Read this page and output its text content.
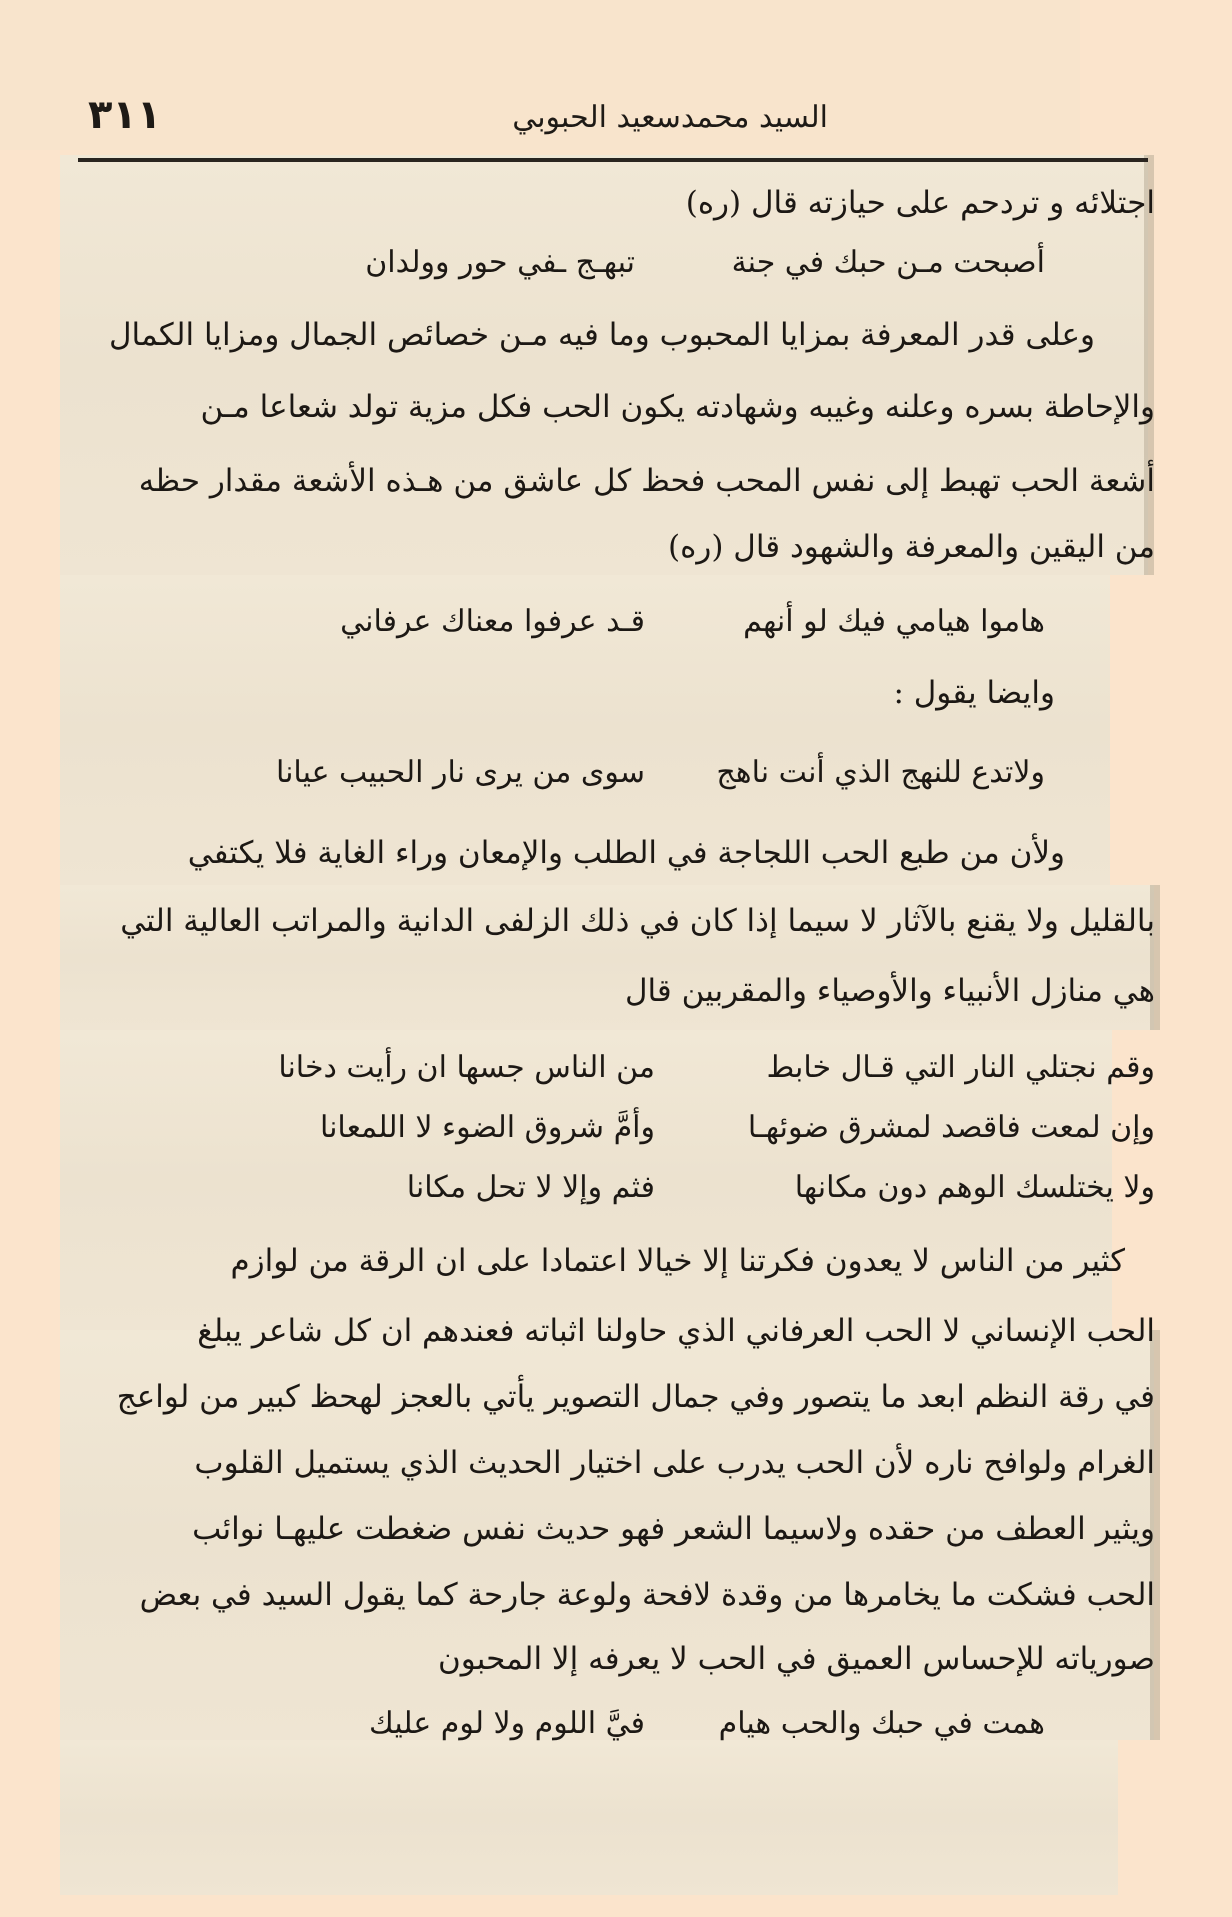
السيد محمدسعيد الحبوبي
٣١١
اجتلائه و تردحم على حيازته قال (ره)
أصبحت مـن حبك في جنة
تبهـج ـفي حور وولدان
وعلى قدر المعرفة بمزايا المحبوب وما فيه مـن خصائص الجمال ومزايا الكمال
والإحاطة بسره وعلنه وغيبه وشهادته يكون الحب فكل مزية تولد شعاعا مـن
أشعة الحب تهبط إلى نفس المحب فحظ كل عاشق من هـذه الأشعة مقدار حظه
من اليقين والمعرفة والشهود قال (ره)
هاموا هيامي فيك لو أنهم
قـد عرفوا معناك عرفاني
وايضا يقول :
ولاتدع للنهج الذي أنت ناهج
سوى من يرى نار الحبيب عيانا
ولأن من طبع الحب اللجاجة في الطلب والإمعان وراء الغاية فلا يكتفي
بالقليل ولا يقنع بالآثار لا سيما إذا كان في ذلك الزلفى الدانية والمراتب العالية التي
هي منازل الأنبياء والأوصياء والمقربين قال
وقم نجتلي النار التي قـال خابط
من الناس جسها ان رأيت دخانا
وإن لمعت فاقصد لمشرق ضوئهـا
وأمَّ شروق الضوء لا اللمعانا
ولا يختلسك الوهم دون مكانها
فثم وإلا لا تحل مكانا
كثير من الناس لا يعدون فكرتنا إلا خيالا اعتمادا على ان الرقة من لوازم
الحب الإنساني لا الحب العرفاني الذي حاولنا اثباته فعندهم ان كل شاعر يبلغ
في رقة النظم ابعد ما يتصور وفي جمال التصوير يأتي بالعجز لهحظ كبير من لواعج
الغرام ولوافح ناره لأن الحب يدرب على اختيار الحديث الذي يستميل القلوب
ويثير العطف من حقده ولاسيما الشعر فهو حديث نفس ضغطت عليهـا نوائب
الحب فشكت ما يخامرها من وقدة لافحة ولوعة جارحة كما يقول السيد في بعض
صورياته للإحساس العميق في الحب لا يعرفه إلا المحبون
همت في حبك والحب هيام
فيَّ اللوم ولا لوم عليك
